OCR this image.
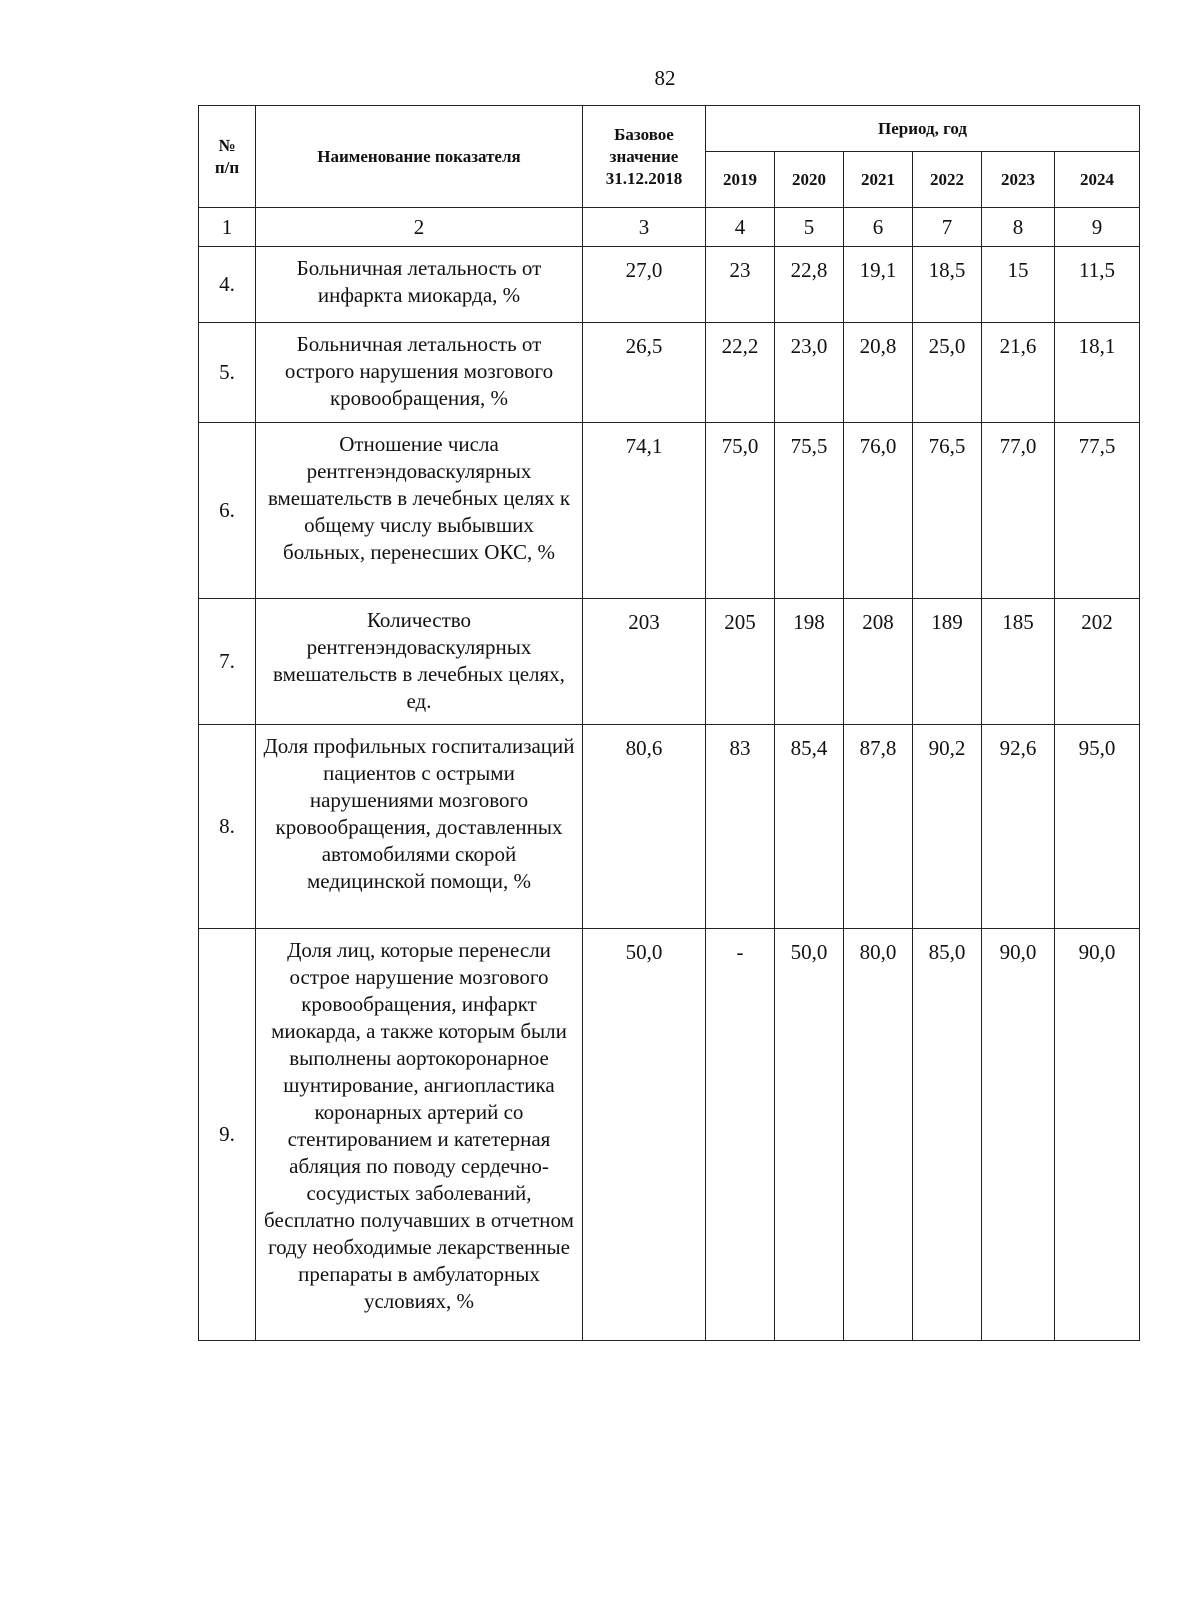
82
№
п/п	Наименование показателя	Базовое значение 31.12.2018	Период, год					
			2019	2020	2021	2022	2023	2024
1	2	3	4	5	6	7	8	9
4.	Больничная летальность от инфаркта миокарда, %	27,0	23	22,8	19,1	18,5	15	11,5
5.	Больничная летальность от острого нарушения мозгового кровообращения, %	26,5	22,2	23,0	20,8	25,0	21,6	18,1
6.	Отношение числа рентгенэндоваскулярных вмешательств в лечебных целях к общему числу выбывших больных, перенесших ОКС, %	74,1	75,0	75,5	76,0	76,5	77,0	77,5
7.	Количество рентгенэндоваскулярных вмешательств в лечебных целях, ед.	203	205	198	208	189	185	202
8.	Доля профильных госпитализаций пациентов с острыми нарушениями мозгового кровообращения, доставленных автомобилями скорой медицинской помощи, %	80,6	83	85,4	87,8	90,2	92,6	95,0
9.	Доля лиц, которые перенесли острое нарушение мозгового кровообращения, инфаркт миокарда, а также которым были выполнены аортокоронарное шунтирование, ангиопластика коронарных артерий со стентированием и катетерная абляция по поводу сердечно-сосудистых заболеваний, бесплатно получавших в отчетном году необходимые лекарственные препараты в амбулаторных условиях, %	50,0	-	50,0	80,0	85,0	90,0	90,0
